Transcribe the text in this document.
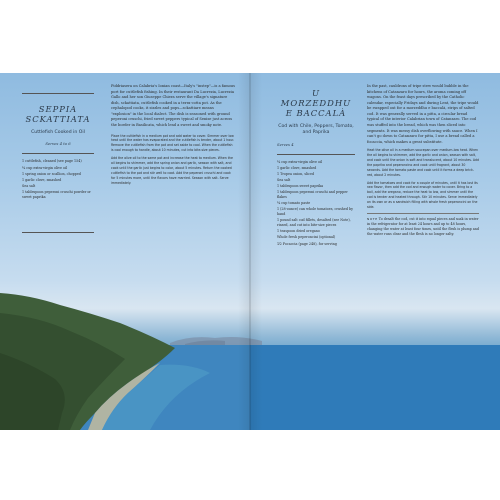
SEPPIA SCKATTIATA
Cuttlefish Cooked in Oil
Serves 4 to 6
1 cuttlefish, cleaned (see page 154)
¼ cup extra-virgin olive oil
1 spring onion or scallion, chopped
1 garlic clove, smashed
Sea salt
1 tablespoon peperoni cruschi powder or sweet paprika

Piddriasera on Calabria's Ionian coast—Italy's "instep"—is a famous port for cuttlefish fishing. In their restaurant Da Lucrezia, Lucrezia Gallo and her son Giuseppe Chiera serve the village's signature dish, sckattiata, cuttlefish cooked in a terra-cotta pot. As the cephalopod cooks, it sizzles and pops—sckattiare means "explosion" in the local dialect. The dish is seasoned with ground peperoni cruschi, fried sweet peppers typical of Senise just across the border in Basilicata, which lend a sweet and smoky note.

Place the cuttlefish in a medium pot and add water to cover. Simmer over low heat until the water has evaporated and the cuttlefish is tender, about 1 hour. Remove the cuttlefish from the pot and set aside to cool. When the cuttlefish is cool enough to handle, about 10 minutes, cut into bite-size pieces.

Add the olive oil to the same pot and increase the heat to medium. When the oil begins to shimmer, add the spring onion and garlic, season with salt, and cook until the garlic just begins to color, about 5 minutes. Return the cooked cuttlefish to the pot and stir well to coat. Add the peperoni cruschi and cook for 5 minutes more, until the flavors have married. Season with salt. Serve immediately.

U MORZEDDHU
E BACCALÀ
Cod with Chile, Peppers, Tomato, and Paprika
Serves 4
¼ cup extra-virgin olive oil
1 garlic clove, smashed
1 Tropea onion, sliced
Sea salt
1 tablespoon sweet paprika
1 tablespoon peperoni cruschi and pepper flakes
¼ cup tomato paste
1 (28-ounce) can whole tomatoes, crushed by hand
1 pound salt cod fillets, desalted (see Note), rinsed, and cut into bite-size pieces
1 teaspoon dried oregano
Whole fresh peperoncini (optional)
1⁄2 Focaccia (page 248), for serving

In the past, cauldrons of tripe stew would bubble in the kitchens of Catanzaro for hours, the aroma coming off wagons. On the feast days prescribed by the Catholic calendar, especially Fridays and during Lent, the tripe would be swapped out for a morzeddhu e baccalà, strips of salted cod. It was generally served in a pitta, a circular bread typical of the interior Calabrian town of Catanzaro. The cod was stuffed into the bread, which was then sliced into segments. It was messy dish overflowing with sauce. When I can't go down to Catanzaro for pitta, I use a bread called a focaccia, which makes a great substitute.

Heat the olive oil in a medium saucepan over medium-low heat. When the oil begins to shimmer, add the garlic and onion, season with salt, and cook until the onion is soft and translucent, about 10 minutes. Add the paprika and peperoncino and cook until fragrant, about 30 seconds. Add the tomato paste and cook until it forms a deep brick-red, about 2 minutes.

Add the tomatoes and cook for a couple of minutes, until it has lost its raw flavor, then add the cod and enough water to cover. Bring to a boil, add the oregano, reduce the heat to low, and simmer until the cod is tender and heated through. Stir 10 minutes. Serve immediately on its own or as a sandwich filling with whole fresh peperoncini on the side.

NOTE To desalt the cod, cut it into equal pieces and soak in water in the refrigerator for at least 24 hours and up to 48 hours, changing the water at least four times, until the flesh is plump and the water runs clear and the flesh is no longer salty.
